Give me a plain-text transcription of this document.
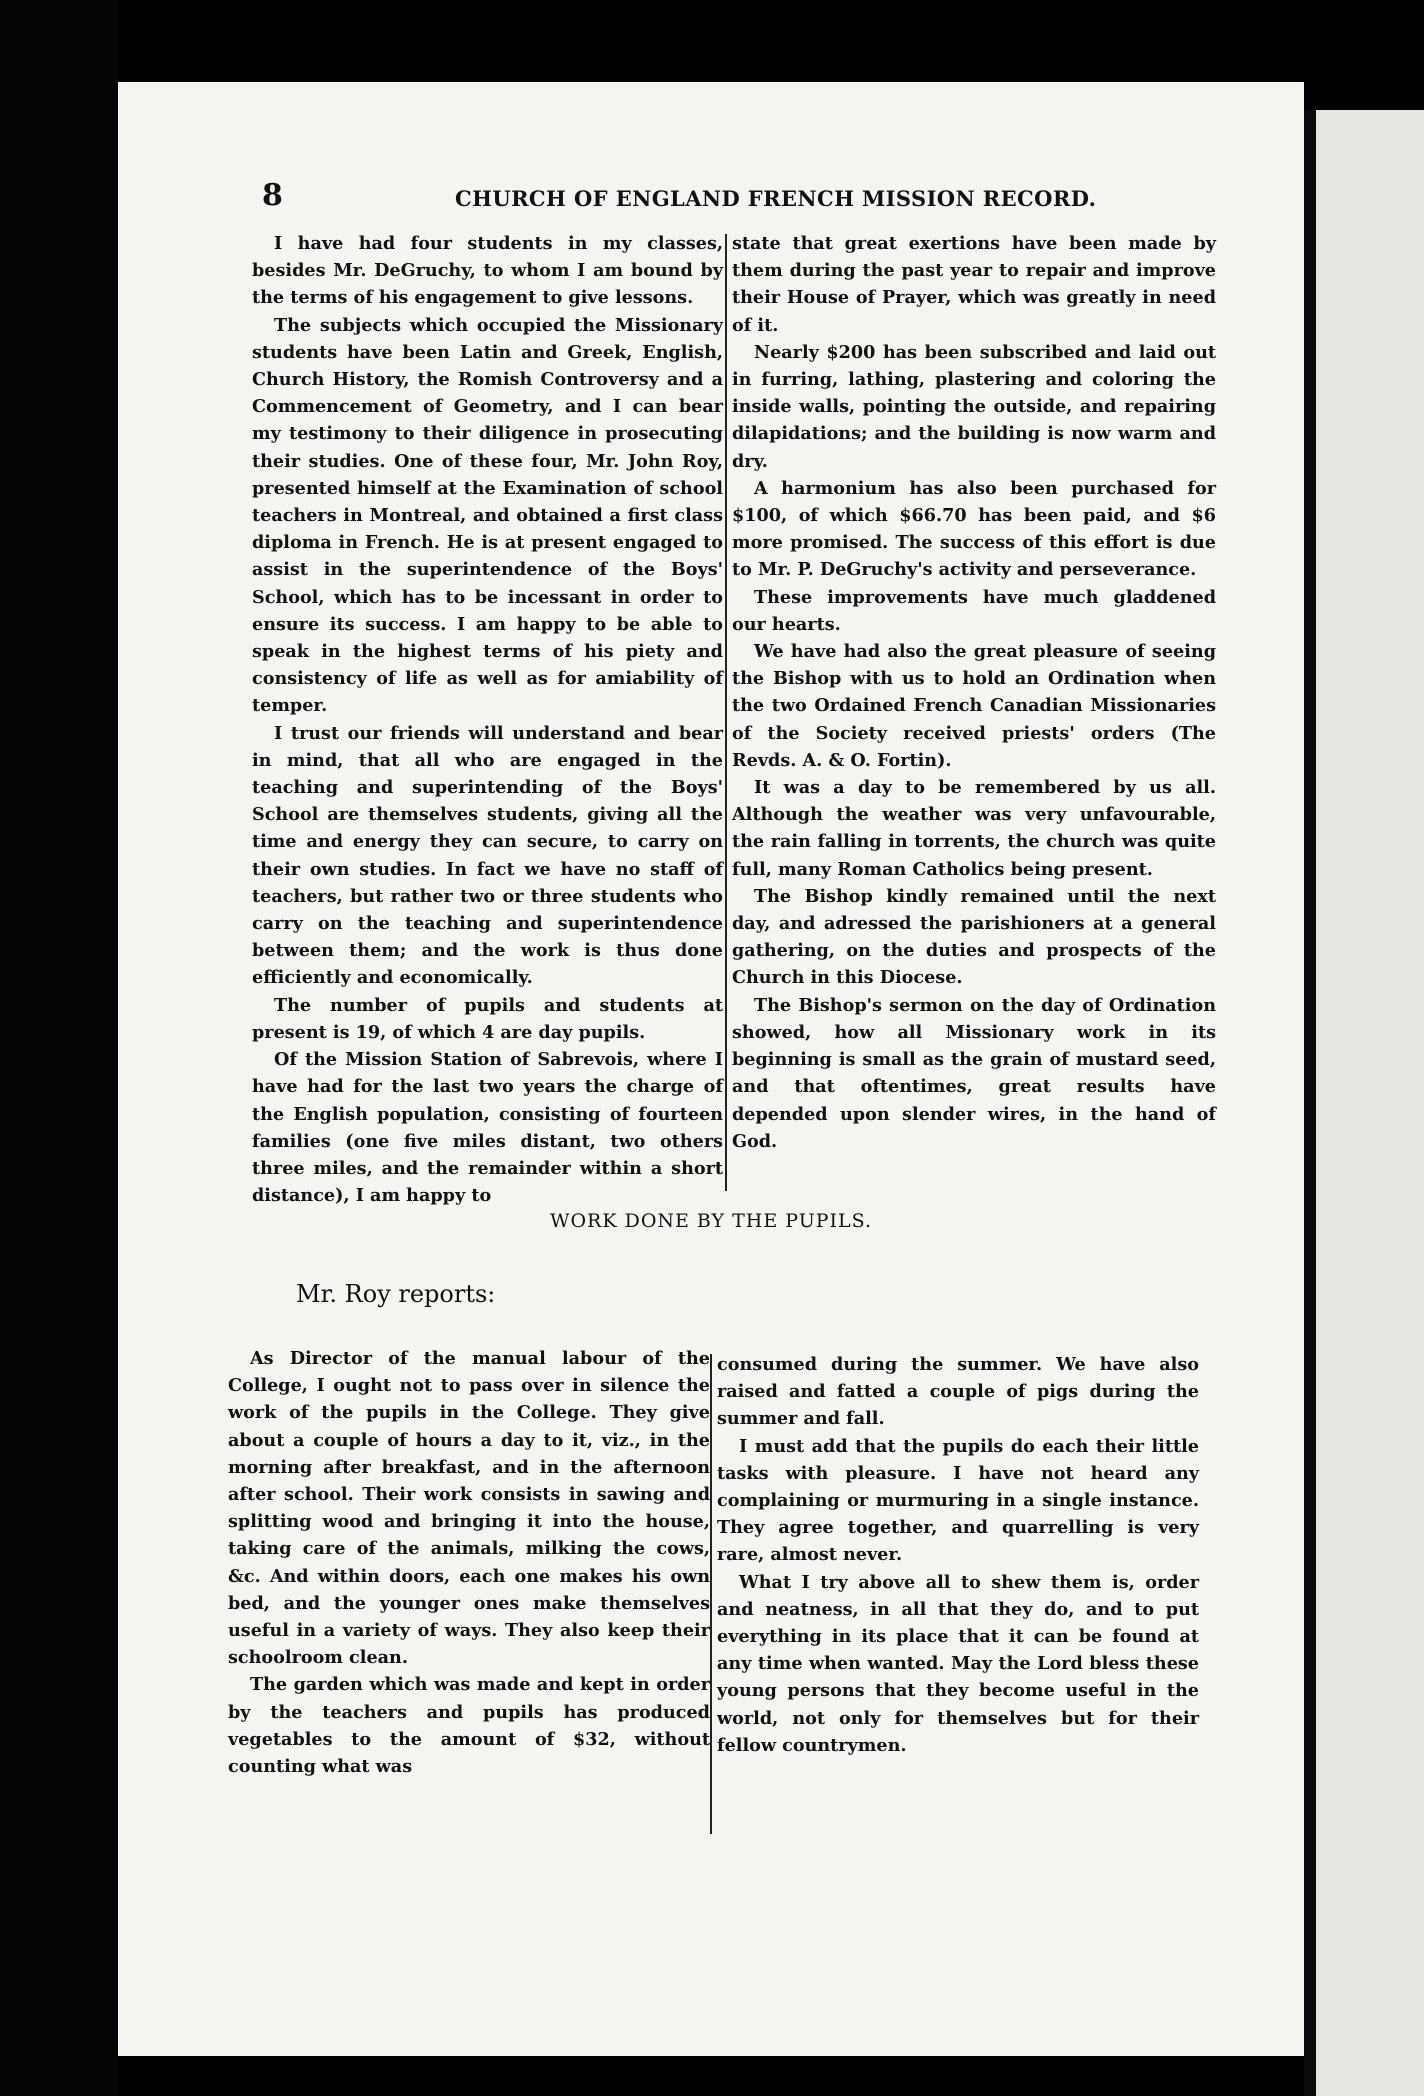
8	CHURCH OF ENGLAND FRENCH MISSION RECORD.

I have had four students in my classes, besides Mr. DeGruchy, to whom I am bound by the terms of his engagement to give lessons.

The subjects which occupied the Missionary students have been Latin and Greek, English, Church History, the Romish Controversy and a Commencement of Geometry, and I can bear my testimony to their diligence in prosecuting their studies. One of these four, Mr. John Roy, presented himself at the Examination of school teachers in Montreal, and obtained a first class diploma in French. He is at present engaged to assist in the superintendence of the Boys' School, which has to be incessant in order to ensure its success. I am happy to be able to speak in the highest terms of his piety and consistency of life as well as for amiability of temper.

I trust our friends will understand and bear in mind, that all who are engaged in the teaching and superintending of the Boys' School are themselves students, giving all the time and energy they can secure, to carry on their own studies. In fact we have no staff of teachers, but rather two or three students who carry on the teaching and superintendence between them; and the work is thus done efficiently and economically.

The number of pupils and students at present is 19, of which 4 are day pupils.

Of the Mission Station of Sabrevois, where I have had for the last two years the charge of the English population, consisting of fourteen families (one five miles distant, two others three miles, and the remainder within a short distance), I am happy to

state that great exertions have been made by them during the past year to repair and improve their House of Prayer, which was greatly in need of it.

Nearly $200 has been subscribed and laid out in furring, lathing, plastering and coloring the inside walls, pointing the outside, and repairing dilapidations; and the building is now warm and dry.

A harmonium has also been purchased for $100, of which $66.70 has been paid, and $6 more promised. The success of this effort is due to Mr. P. DeGruchy's activity and perseverance.

These improvements have much gladdened our hearts.

We have had also the great pleasure of seeing the Bishop with us to hold an Ordination when the two Ordained French Canadian Missionaries of the Society received priests' orders (The Revds. A. & O. Fortin).

It was a day to be remembered by us all. Although the weather was very unfavourable, the rain falling in torrents, the church was quite full, many Roman Catholics being present.

The Bishop kindly remained until the next day, and adressed the parishioners at a general gathering, on the duties and prospects of the Church in this Diocese.

The Bishop's sermon on the day of Ordination showed, how all Missionary work in its beginning is small as the grain of mustard seed, and that oftentimes, great results have depended upon slender wires, in the hand of God.

WORK DONE BY THE PUPILS.
Mr. Roy reports:

As Director of the manual labour of the College, I ought not to pass over in silence the work of the pupils in the College. They give about a couple of hours a day to it, viz., in the morning after breakfast, and in the afternoon after school. Their work consists in sawing and splitting wood and bringing it into the house, taking care of the animals, milking the cows, &c. And within doors, each one makes his own bed, and the younger ones make themselves useful in a variety of ways. They also keep their schoolroom clean.

The garden which was made and kept in order by the teachers and pupils has produced vegetables to the amount of $32, without counting what was

consumed during the summer. We have also raised and fatted a couple of pigs during the summer and fall.

I must add that the pupils do each their little tasks with pleasure. I have not heard any complaining or murmuring in a single instance. They agree together, and quarrelling is very rare, almost never.

What I try above all to shew them is, order and neatness, in all that they do, and to put everything in its place that it can be found at any time when wanted. May the Lord bless these young persons that they become useful in the world, not only for themselves but for their fellow countrymen.
